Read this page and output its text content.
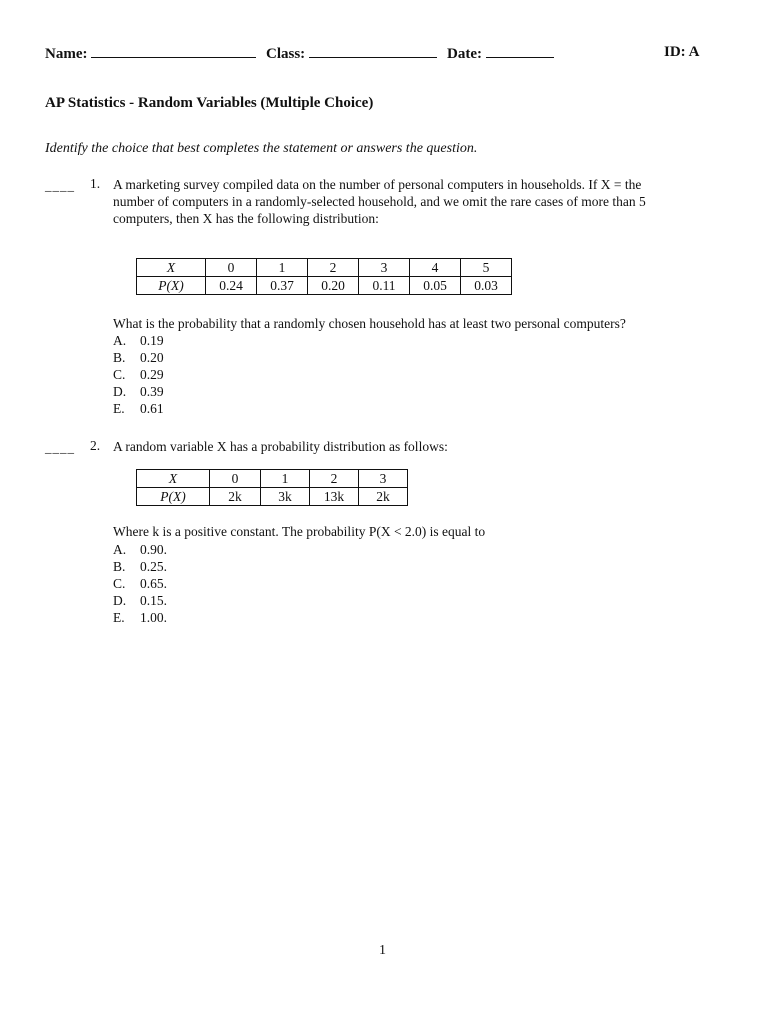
Name:	Class:	Date:	ID: A
AP Statistics - Random Variables (Multiple Choice)
Identify the choice that best completes the statement or answers the question.
____ 1. A marketing survey compiled data on the number of personal computers in households. If X = the
number of computers in a randomly-selected household, and we omit the rare cases of more than 5
computers, then X has the following distribution:
X	0	1	2	3	4	5
P(X)	0.24	0.37	0.20	0.11	0.05	0.03
What is the probability that a randomly chosen household has at least two personal computers?
A.	0.19
B.	0.20
C.	0.29
D.	0.39
E.	0.61
____ 2. A random variable X has a probability distribution as follows:
X	0	1	2	3
P(X)	2k	3k	13k	2k
Where k is a positive constant. The probability P(X < 2.0) is equal to
A.	0.90.
B.	0.25.
C.	0.65.
D.	0.15.
E.	1.00.
1
